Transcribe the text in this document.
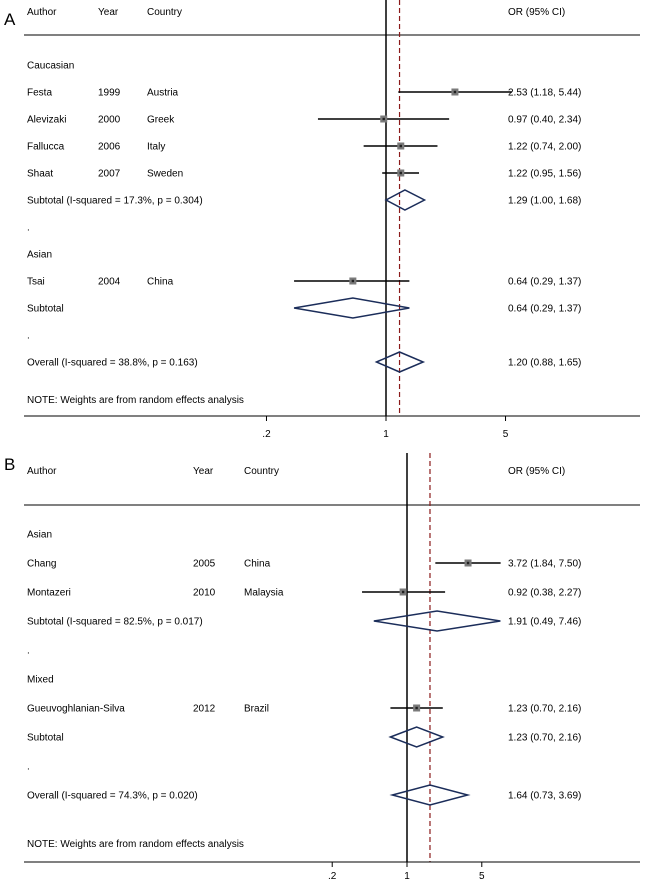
A Author	Year	Country	OR (95% CI)
Caucasian
Festa	1999	Austria	2.53 (1.18, 5.44)
Alevizaki	2000	Greek	0.97 (0.40, 2.34)
Fallucca	2006	Italy	1.22 (0.74, 2.00)
Shaat	2007	Sweden	1.22 (0.95, 1.56)
Subtotal (I-squared = 17.3%, p = 0.304)	1.29 (1.00, 1.68)
.
Asian
Tsai	2004	China	0.64 (0.29, 1.37)
Subtotal	0.64 (0.29, 1.37)
.
Overall (I-squared = 38.8%, p = 0.163)	1.20 (0.88, 1.65)
NOTE: Weights are from random effects analysis
.2	1	5
B Author	Year	Country	OR (95% CI)
Asian
Chang	2005	China	3.72 (1.84, 7.50)
Montazeri	2010	Malaysia	0.92 (0.38, 2.27)
Subtotal (I-squared = 82.5%, p = 0.017)	1.91 (0.49, 7.46)
.
Mixed
Gueuvoghlanian-Silva	2012	Brazil	1.23 (0.70, 2.16)
Subtotal	1.23 (0.70, 2.16)
.
Overall (I-squared = 74.3%, p = 0.020)	1.64 (0.73, 3.69)
NOTE: Weights are from random effects analysis
.2	1	5
